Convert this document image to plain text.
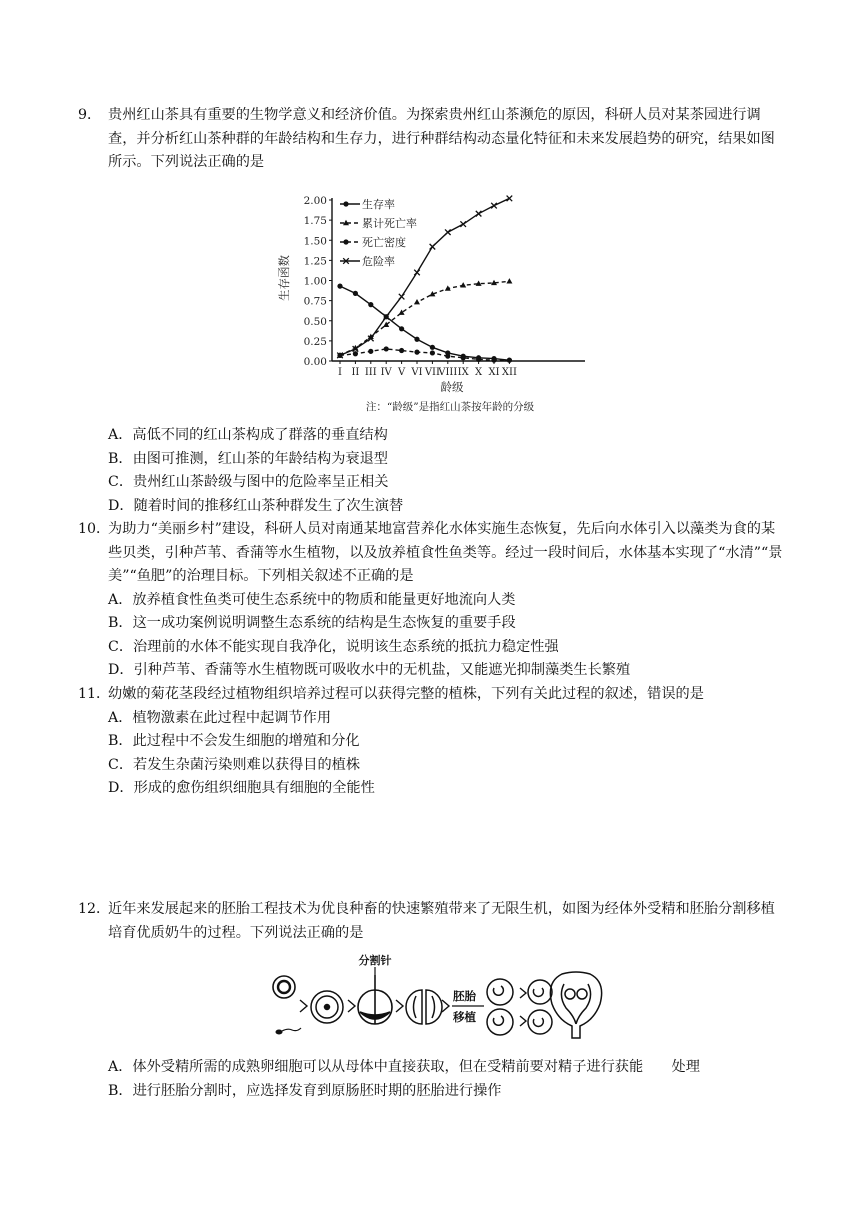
9． 贵州红山茶具有重要的生物学意义和经济价值。为探索贵州红山茶濒危的原因，科研人员对某茶园进行调查，并分析红山茶种群的年龄结构和生存力，进行种群结构动态量化特征和未来发展趋势的研究，结果如图所示。下列说法正确的是
0.00
0.25
0.50
0.75
1.00
1.25
1.50
1.75
2.00
I II III IV V VI VII
VIII IX X XI XII
生存率
累计死亡率
死亡密度
危险率
生存函数
龄级
注：“龄级”是指红山茶按年龄的分级
A．高低不同的红山茶构成了群落的垂直结构
B．由图可推测，红山茶的年龄结构为衰退型
C．贵州红山茶龄级与图中的危险率呈正相关
D．随着时间的推移红山茶种群发生了次生演替
10．
为助力“美丽乡村”建设，科研人员对南通某地富营养化水体实施生态恢复，先后向水体引入以藻类为食的某些贝类，引种芦苇、香蒲等水生植物，以及放养植食性鱼类等。经过一段时间后，水体基本实现了“水清”“景美”“鱼肥”的治理目标。下列相关叙述不正确的是
A．放养植食性鱼类可使生态系统中的物质和能量更好地流向人类
B．这一成功案例说明调整生态系统的结构是生态恢复的重要手段
C．治理前的水体不能实现自我净化，说明该生态系统的抵抗力稳定性强
D．引种芦苇、香蒲等水生植物既可吸收水中的无机盐，又能遮光抑制藻类生长繁殖
11．
幼嫩的菊花茎段经过植物组织培养过程可以获得完整的植株，下列有关此过程的叙述，错误的是
A．植物激素在此过程中起调节作用
B．此过程中不会发生细胞的增殖和分化
C．若发生杂菌污染则难以获得目的植株
D．形成的愈伤组织细胞具有细胞的全能性
12．
近年来发展起来的胚胎工程技术为优良种畜的快速繁殖带来了无限生机，如图为经体外受精和胚胎分割移植培育优质奶牛的过程。下列说法正确的是
分割针
胚胎
移植
A．体外受精所需的成熟卵细胞可以从母体中直接获取，但在受精前要对精子进行获能　　处理
B．进行胚胎分割时，应选择发育到原肠胚时期的胚胎进行操作
